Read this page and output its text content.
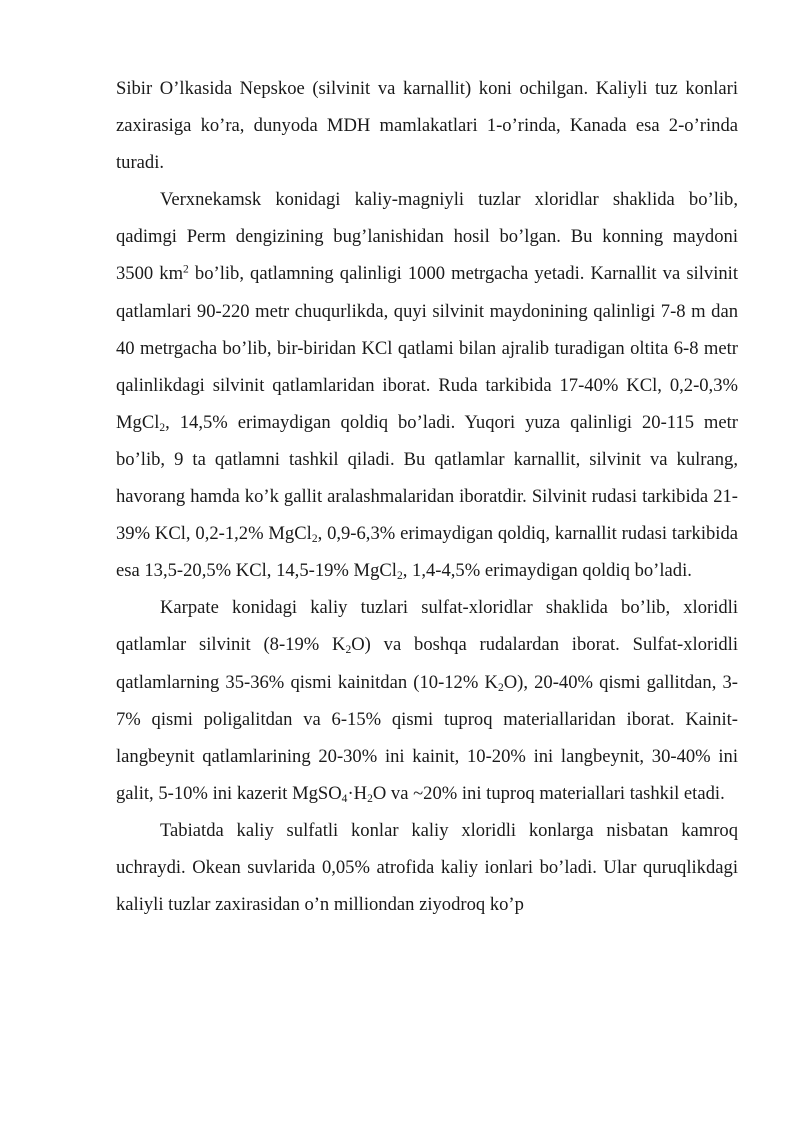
Sibir O’lkasida Nepskoe (silvinit va karnallit) koni ochilgan. Kaliyli tuz konlari zaxirasiga ko’ra, dunyoda MDH mamlakatlari 1-o’rinda, Kanada esa 2-o’rinda turadi.

Verxnekamsk konidagi kaliy-magniyli tuzlar xloridlar shaklida bo’lib, qadimgi Perm dengizining bug’lanishidan hosil bo’lgan. Bu konning maydoni 3500 $km^2$ bo’lib, qatlamning qalinligi 1000 metrgacha yetadi. Karnallit va silvinit qatlamlari 90-220 metr chuqurlikda, quyi silvinit maydonining qalinligi 7-8 m dan 40 metrgacha bo’lib, bir-biridan KCl qatlami bilan ajralib turadigan oltita 6-8 metr qalinlikdagi silvinit qatlamlaridan iborat. Ruda tarkibida 17-40% KCl, 0,2-0,3% MgCl$_2$, 14,5% erimaydigan qoldiq bo’ladi. Yuqori yuza qalinligi 20-115 metr bo’lib, 9 ta qatlamni tashkil qiladi. Bu qatlamlar karnallit, silvinit va kulrang, havorang hamda ko’k gallit aralashmalaridan iboratdir. Silvinit rudasi tarkibida 21-39% KCl, 0,2-1,2% MgCl$_2$, 0,9-6,3% erimaydigan qoldiq, karnallit rudasi tarkibida esa 13,5-20,5% KCl, 14,5-19% MgCl$_2$, 1,4-4,5% erimaydigan qoldiq bo’ladi.

Karpate konidagi kaliy tuzlari sulfat-xloridlar shaklida bo’lib, xloridli qatlamlar silvinit (8-19% $K_2O$) va boshqa rudalardan iborat. Sulfat-xloridli qatlamlarning 35-36% qismi kainitdan (10-12% $K_2O$), 20-40% qismi gallitdan, 3-7% qismi poligalitdan va 6-15% qismi tuproq materiallaridan iborat. Kainit-langbeynit qatlamlarining 20-30% ini kainit, 10-20% ini langbeynit, 30-40% ini galit, 5-10% ini kazerit $MgSO_4\cdot H_2O$ va ~20% ini tuproq materiallari tashkil etadi.

Tabiatda kaliy sulfatli konlar kaliy xloridli konlarga nisbatan kamroq uchraydi. Okean suvlarida 0,05% atrofida kaliy ionlari bo’ladi. Ular quruqlikdagi kaliyli tuzlar zaxirasidan o’n milliondan ziyodroq ko’p
